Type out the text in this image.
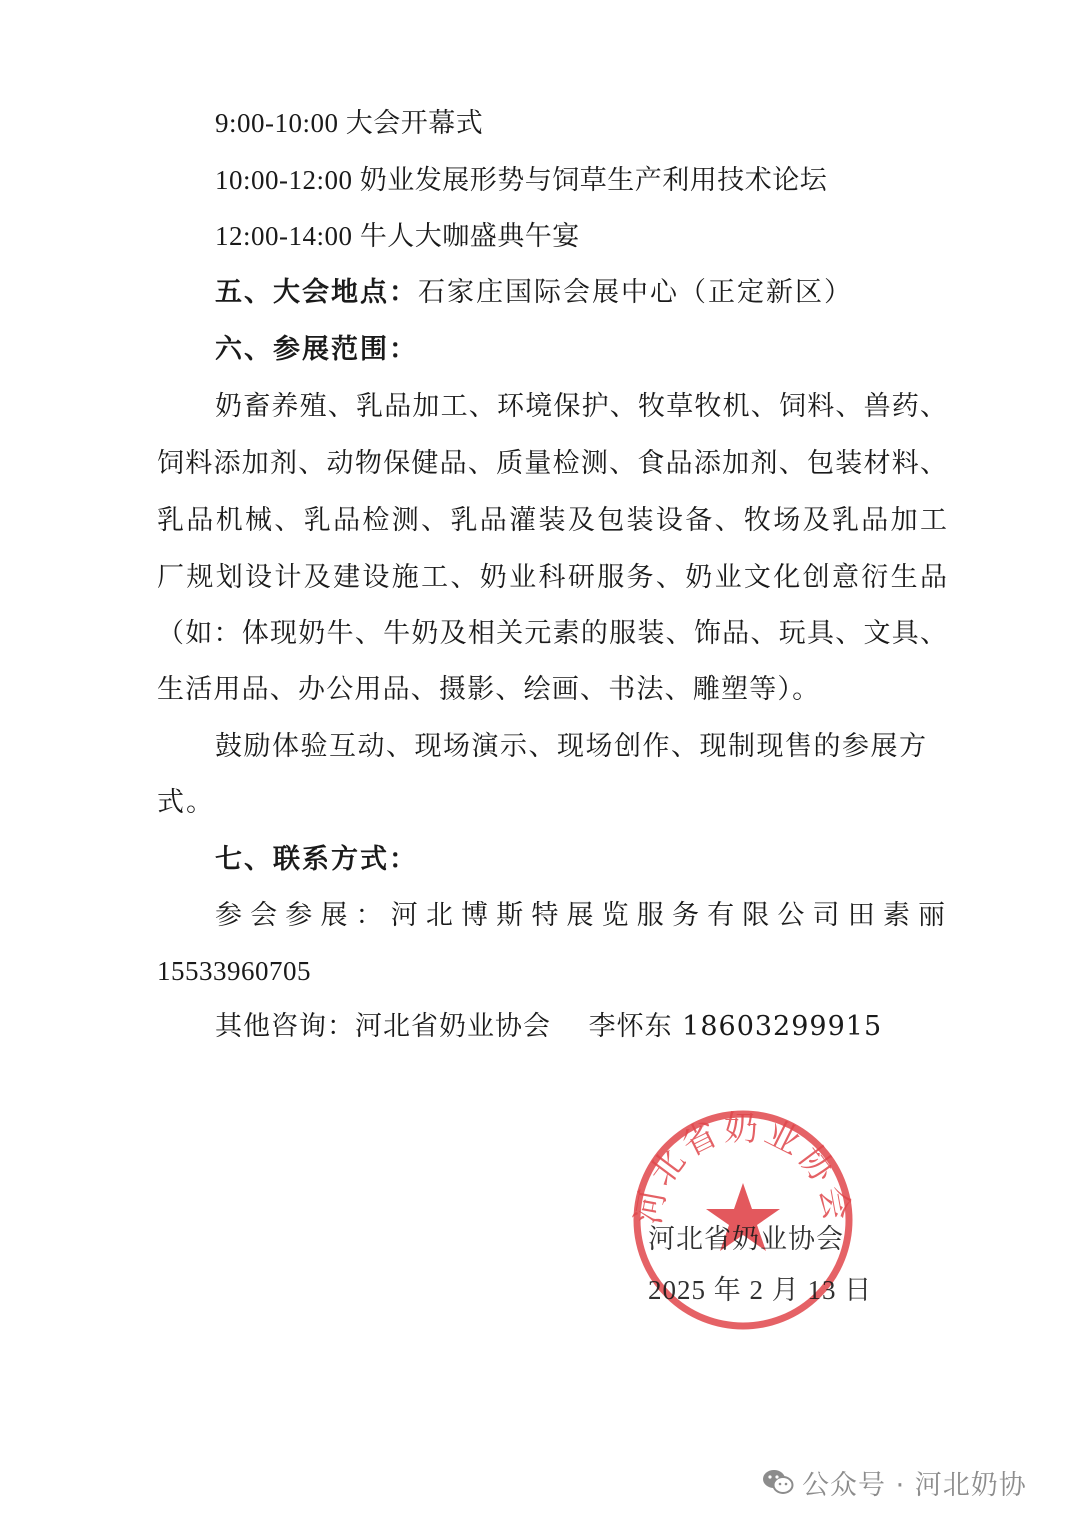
9:00-10:00 大会开幕式
10:00-12:00 奶业发展形势与饲草生产利用技术论坛
12:00-14:00 牛人大咖盛典午宴
五、大会地点：石家庄国际会展中心（正定新区）
六、参展范围：
奶畜养殖、乳品加工、环境保护、牧草牧机、饲料、兽药、
饲料添加剂、动物保健品、质量检测、食品添加剂、包装材料、
乳品机械、乳品检测、乳品灌装及包装设备、牧场及乳品加工
厂规划设计及建设施工、奶业科研服务、奶业文化创意衍生品
（如：体现奶牛、牛奶及相关元素的服装、饰品、玩具、文具、
生活用品、办公用品、摄影、绘画、书法、雕塑等）。
鼓励体验互动、现场演示、现场创作、现制现售的参展方
式。
七、联系方式：
参会参展：河北博斯特展览服务有限公司田素丽
15533960705
其他咨询：河北省奶业协会　 李怀东 18603299915
河北省奶业协会
河北省奶业协会
2025 年 2 月 13 日
公众号 · 河北奶协
